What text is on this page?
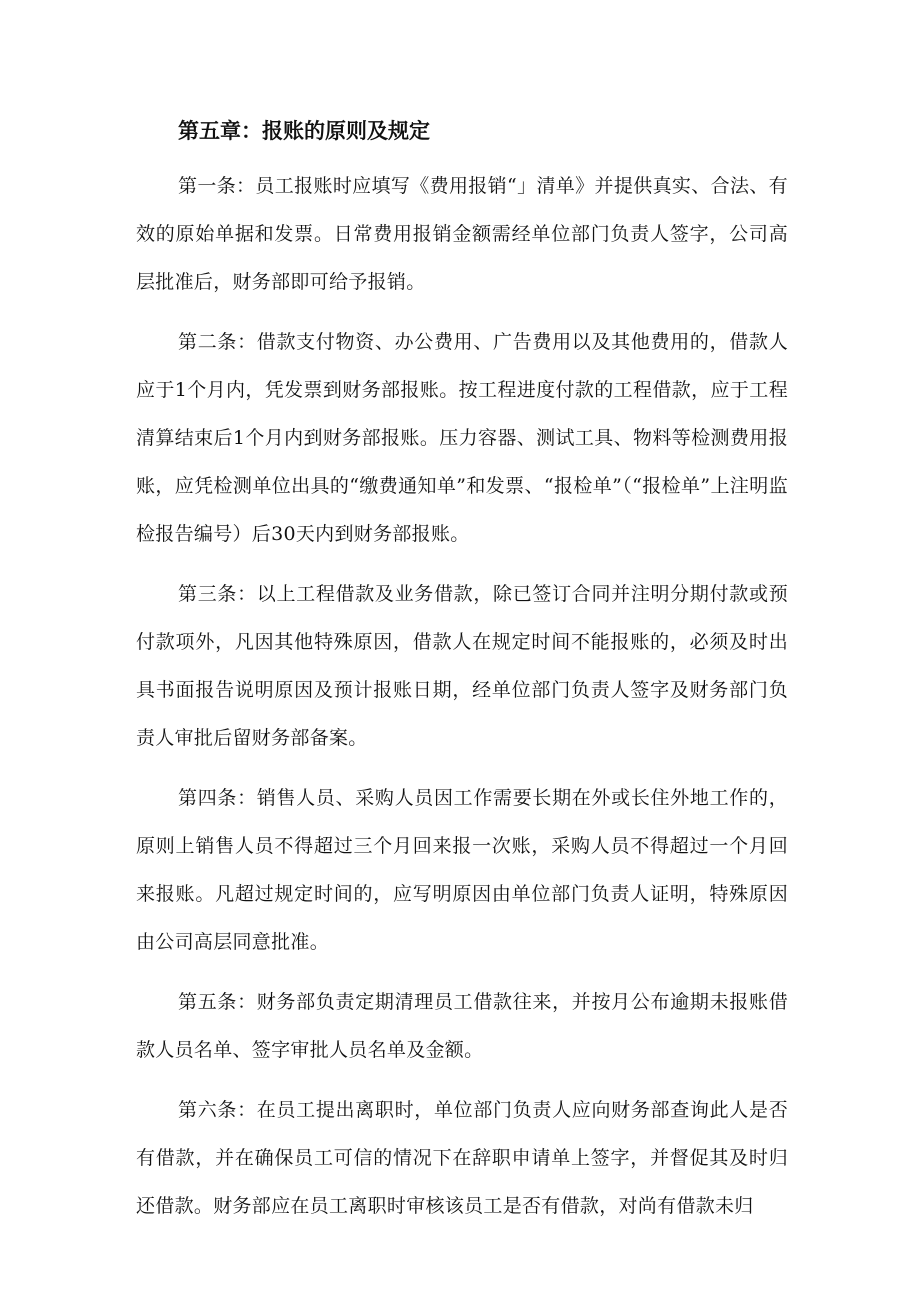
第五章：报账的原则及规定

第一条：员工报账时应填写《费用报销“」清单》并提供真实、合法、有效的原始单据和发票。日常费用报销金额需经单位部门负责人签字，公司高层批准后，财务部即可给予报销。

第二条：借款支付物资、办公费用、广告费用以及其他费用的，借款人应于1个月内，凭发票到财务部报账。按工程进度付款的工程借款，应于工程清算结束后1个月内到财务部报账。压力容器、测试工具、物料等检测费用报账，应凭检测单位出具的“缴费通知单”和发票、“报检单”（“报检单”上注明监检报告编号）后30天内到财务部报账。

第三条：以上工程借款及业务借款，除已签订合同并注明分期付款或预付款项外，凡因其他特殊原因，借款人在规定时间不能报账的，必须及时出具书面报告说明原因及预计报账日期，经单位部门负责人签字及财务部门负责人审批后留财务部备案。

第四条：销售人员、采购人员因工作需要长期在外或长住外地工作的，原则上销售人员不得超过三个月回来报一次账，采购人员不得超过一个月回来报账。凡超过规定时间的，应写明原因由单位部门负责人证明，特殊原因由公司高层同意批准。

第五条：财务部负责定期清理员工借款往来，并按月公布逾期未报账借款人员名单、签字审批人员名单及金额。

第六条：在员工提出离职时，单位部门负责人应向财务部查询此人是否有借款，并在确保员工可信的情况下在辞职申请单上签字，并督促其及时归还借款。财务部应在员工离职时审核该员工是否有借款，对尚有借款未归
